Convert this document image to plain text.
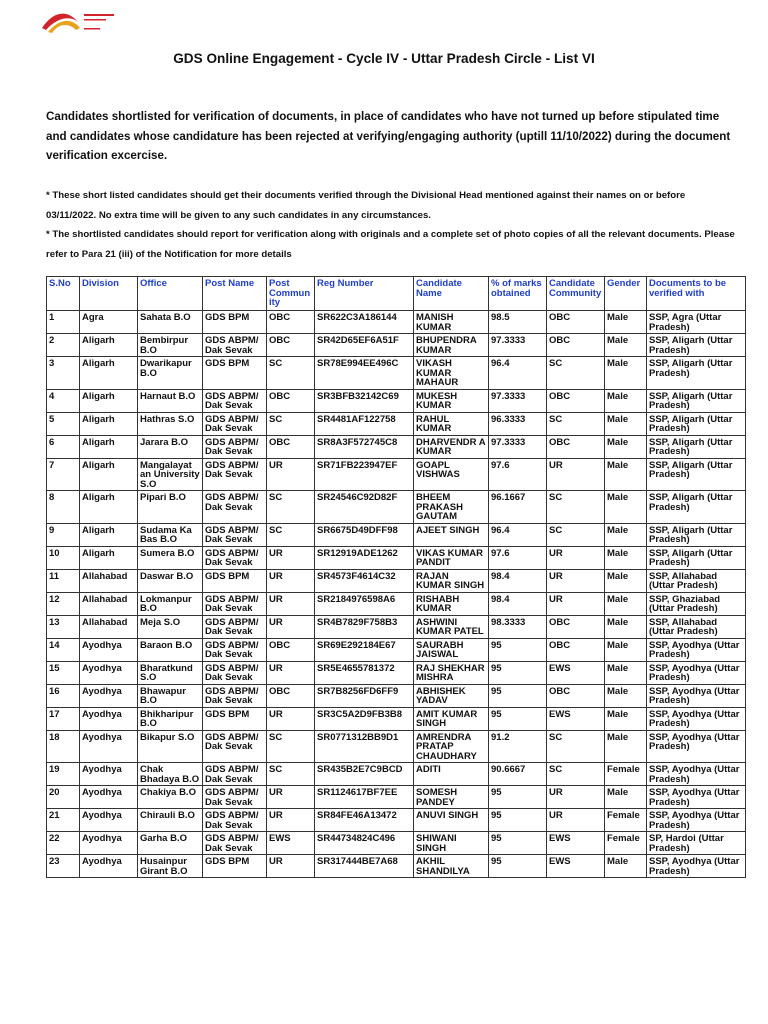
GDS Online Engagement - Cycle IV - Uttar Pradesh Circle - List VI
Candidates shortlisted for verification of documents, in place of candidates who have not turned up before stipulated time and candidates whose candidature has been rejected at verifying/engaging authority (uptill 11/10/2022) during the document verification excercise.
* These short listed candidates should get their documents verified through the Divisional Head mentioned against their names on or before 03/11/2022. No extra time will be given to any such candidates in any circumstances.
* The shortlisted candidates should report for verification along with originals and a complete set of photo copies of all the relevant documents. Please refer to Para 21 (iii) of the Notification for more details
S.No	Division	Office	Post Name	Post Community	Reg Number	Candidate Name	% of marks obtained	Candidate Community	Gender	Documents to be verified with
1	Agra	Sahata B.O	GDS BPM	OBC	SR622C3A186144	MANISH KUMAR	98.5	OBC	Male	SSP, Agra (Uttar Pradesh)
2	Aligarh	Bembirpur B.O	GDS ABPM/ Dak Sevak	OBC	SR42D65EF6A51F	BHUPENDRA KUMAR	97.3333	OBC	Male	SSP, Aligarh (Uttar Pradesh)
3	Aligarh	Dwarikapur B.O	GDS BPM	SC	SR78E994EE496C	VIKASH KUMAR MAHAUR	96.4	SC	Male	SSP, Aligarh (Uttar Pradesh)
4	Aligarh	Harnaut B.O	GDS ABPM/ Dak Sevak	OBC	SR3BFB32142C69	MUKESH KUMAR	97.3333	OBC	Male	SSP, Aligarh (Uttar Pradesh)
5	Aligarh	Hathras S.O	GDS ABPM/ Dak Sevak	SC	SR4481AF122758	RAHUL KUMAR	96.3333	SC	Male	SSP, Aligarh (Uttar Pradesh)
6	Aligarh	Jarara B.O	GDS ABPM/ Dak Sevak	OBC	SR8A3F572745C8	DHARVENDR A KUMAR	97.3333	OBC	Male	SSP, Aligarh (Uttar Pradesh)
7	Aligarh	Mangalayat an University S.O	GDS ABPM/ Dak Sevak	UR	SR71FB223947EF	GOAPL VISHWAS	97.6	UR	Male	SSP, Aligarh (Uttar Pradesh)
8	Aligarh	Pipari B.O	GDS ABPM/ Dak Sevak	SC	SR24546C92D82F	BHEEM PRAKASH GAUTAM	96.1667	SC	Male	SSP, Aligarh (Uttar Pradesh)
9	Aligarh	Sudama Ka Bas B.O	GDS ABPM/ Dak Sevak	SC	SR6675D49DFF98	AJEET SINGH	96.4	SC	Male	SSP, Aligarh (Uttar Pradesh)
10	Aligarh	Sumera B.O	GDS ABPM/ Dak Sevak	UR	SR12919ADE1262	VIKAS KUMAR PANDIT	97.6	UR	Male	SSP, Aligarh (Uttar Pradesh)
11	Allahabad	Daswar B.O	GDS BPM	UR	SR4573F4614C32	RAJAN KUMAR SINGH	98.4	UR	Male	SSP, Allahabad (Uttar Pradesh)
12	Allahabad	Lokmanpur B.O	GDS ABPM/ Dak Sevak	UR	SR2184976598A6	RISHABH KUMAR	98.4	UR	Male	SSP, Ghaziabad (Uttar Pradesh)
13	Allahabad	Meja S.O	GDS ABPM/ Dak Sevak	UR	SR4B7829F758B3	ASHWINI KUMAR PATEL	98.3333	OBC	Male	SSP, Allahabad (Uttar Pradesh)
14	Ayodhya	Baraon B.O	GDS ABPM/ Dak Sevak	OBC	SR69E292184E67	SAURABH JAISWAL	95	OBC	Male	SSP, Ayodhya (Uttar Pradesh)
15	Ayodhya	Bharatkund S.O	GDS ABPM/ Dak Sevak	UR	SR5E4655781372	RAJ SHEKHAR MISHRA	95	EWS	Male	SSP, Ayodhya (Uttar Pradesh)
16	Ayodhya	Bhawapur B.O	GDS ABPM/ Dak Sevak	OBC	SR7B8256FD6FF9	ABHISHEK YADAV	95	OBC	Male	SSP, Ayodhya (Uttar Pradesh)
17	Ayodhya	Bhikharipur B.O	GDS BPM	UR	SR3C5A2D9FB3B8	AMIT KUMAR SINGH	95	EWS	Male	SSP, Ayodhya (Uttar Pradesh)
18	Ayodhya	Bikapur S.O	GDS ABPM/ Dak Sevak	SC	SR0771312BB9D1	AMRENDRA PRATAP CHAUDHARY	91.2	SC	Male	SSP, Ayodhya (Uttar Pradesh)
19	Ayodhya	Chak Bhadaya B.O	GDS ABPM/ Dak Sevak	SC	SR435B2E7C9BCD	ADITI	90.6667	SC	Female	SSP, Ayodhya (Uttar Pradesh)
20	Ayodhya	Chakiya B.O	GDS ABPM/ Dak Sevak	UR	SR1124617BF7EE	SOMESH PANDEY	95	UR	Male	SSP, Ayodhya (Uttar Pradesh)
21	Ayodhya	Chirauli B.O	GDS ABPM/ Dak Sevak	UR	SR84FE46A13472	ANUVI SINGH	95	UR	Female	SSP, Ayodhya (Uttar Pradesh)
22	Ayodhya	Garha B.O	GDS ABPM/ Dak Sevak	EWS	SR44734824C496	SHIWANI SINGH	95	EWS	Female	SP, Hardoi (Uttar Pradesh)
23	Ayodhya	Husainpur Girant B.O	GDS BPM	UR	SR317444BE7A68	AKHIL SHANDILYA	95	EWS	Male	SSP, Ayodhya (Uttar Pradesh)
